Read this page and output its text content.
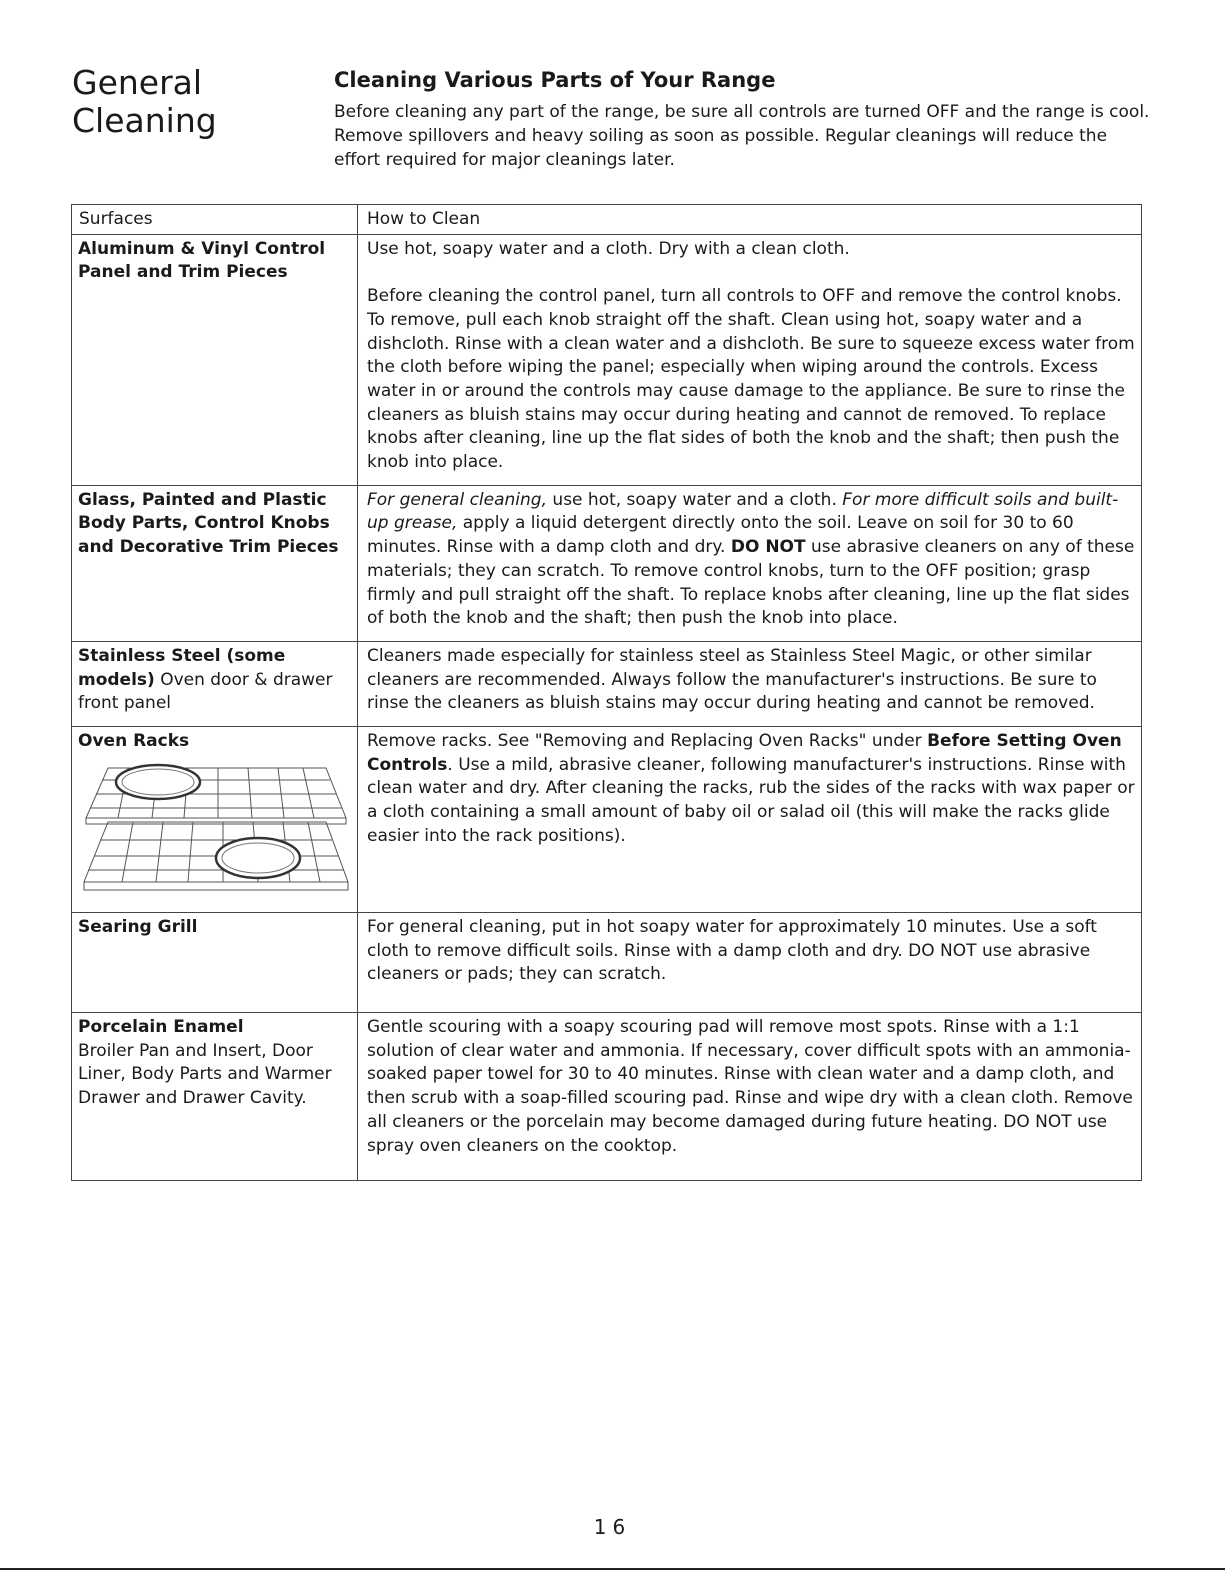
General
Cleaning
Cleaning Various Parts of Your Range

Before cleaning any part of the range, be sure all controls are turned OFF and the range is cool. Remove spillovers and heavy soiling as soon as possible. Regular cleanings will reduce the effort required for major cleanings later.

Surfaces	How to Clean
Aluminum & Vinyl Control Panel and Trim Pieces	Use hot, soapy water and a cloth. Dry with a clean cloth.
Before cleaning the control panel, turn all controls to OFF and remove the control knobs. To remove, pull each knob straight off the shaft. Clean using hot, soapy water and a dishcloth. Rinse with a clean water and a dishcloth. Be sure to squeeze excess water from the cloth before wiping the panel; especially when wiping around the controls. Excess water in or around the controls may cause damage to the appliance. Be sure to rinse the cleaners as bluish stains may occur during heating and cannot de removed. To replace knobs after cleaning, line up the flat sides of both the knob and the shaft; then push the knob into place.
Glass, Painted and Plastic Body Parts, Control Knobs and Decorative Trim Pieces	For general cleaning, use hot, soapy water and a cloth. For more difficult soils and built-up grease, apply a liquid detergent directly onto the soil. Leave on soil for 30 to 60 minutes. Rinse with a damp cloth and dry. DO NOT use abrasive cleaners on any of these materials; they can scratch. To remove control knobs, turn to the OFF position; grasp firmly and pull straight off the shaft. To replace knobs after cleaning, line up the flat sides of both the knob and the shaft; then push the knob into place.
Stainless Steel (some models) Oven door & drawer front panel	Cleaners made especially for stainless steel as Stainless Steel Magic, or other similar cleaners are recommended. Always follow the manufacturer's instructions. Be sure to rinse the cleaners as bluish stains may occur during heating and cannot be removed.
Oven Racks	Remove racks. See "Removing and Replacing Oven Racks" under Before Setting Oven Controls. Use a mild, abrasive cleaner, following manufacturer's instructions. Rinse with clean water and dry. After cleaning the racks, rub the sides of the racks with wax paper or a cloth containing a small amount of baby oil or salad oil (this will make the racks glide easier into the rack positions).
Searing Grill	For general cleaning, put in hot soapy water for approximately 10 minutes. Use a soft cloth to remove difficult soils. Rinse with a damp cloth and dry. DO NOT use abrasive cleaners or pads; they can scratch.

Porcelain Enamel
Broiler Pan and Insert, Door Liner, Body Parts and Warmer Drawer and Drawer Cavity.	Gentle scouring with a soapy scouring pad will remove most spots. Rinse with a 1:1 solution of clear water and ammonia. If necessary, cover difficult spots with an ammonia-soaked paper towel for 30 to 40 minutes. Rinse with clean water and a damp cloth, and then scrub with a soap-filled scouring pad. Rinse and wipe dry with a clean cloth. Remove all cleaners or the porcelain may become damaged during future heating. DO NOT use spray oven cleaners on the cooktop.
16
